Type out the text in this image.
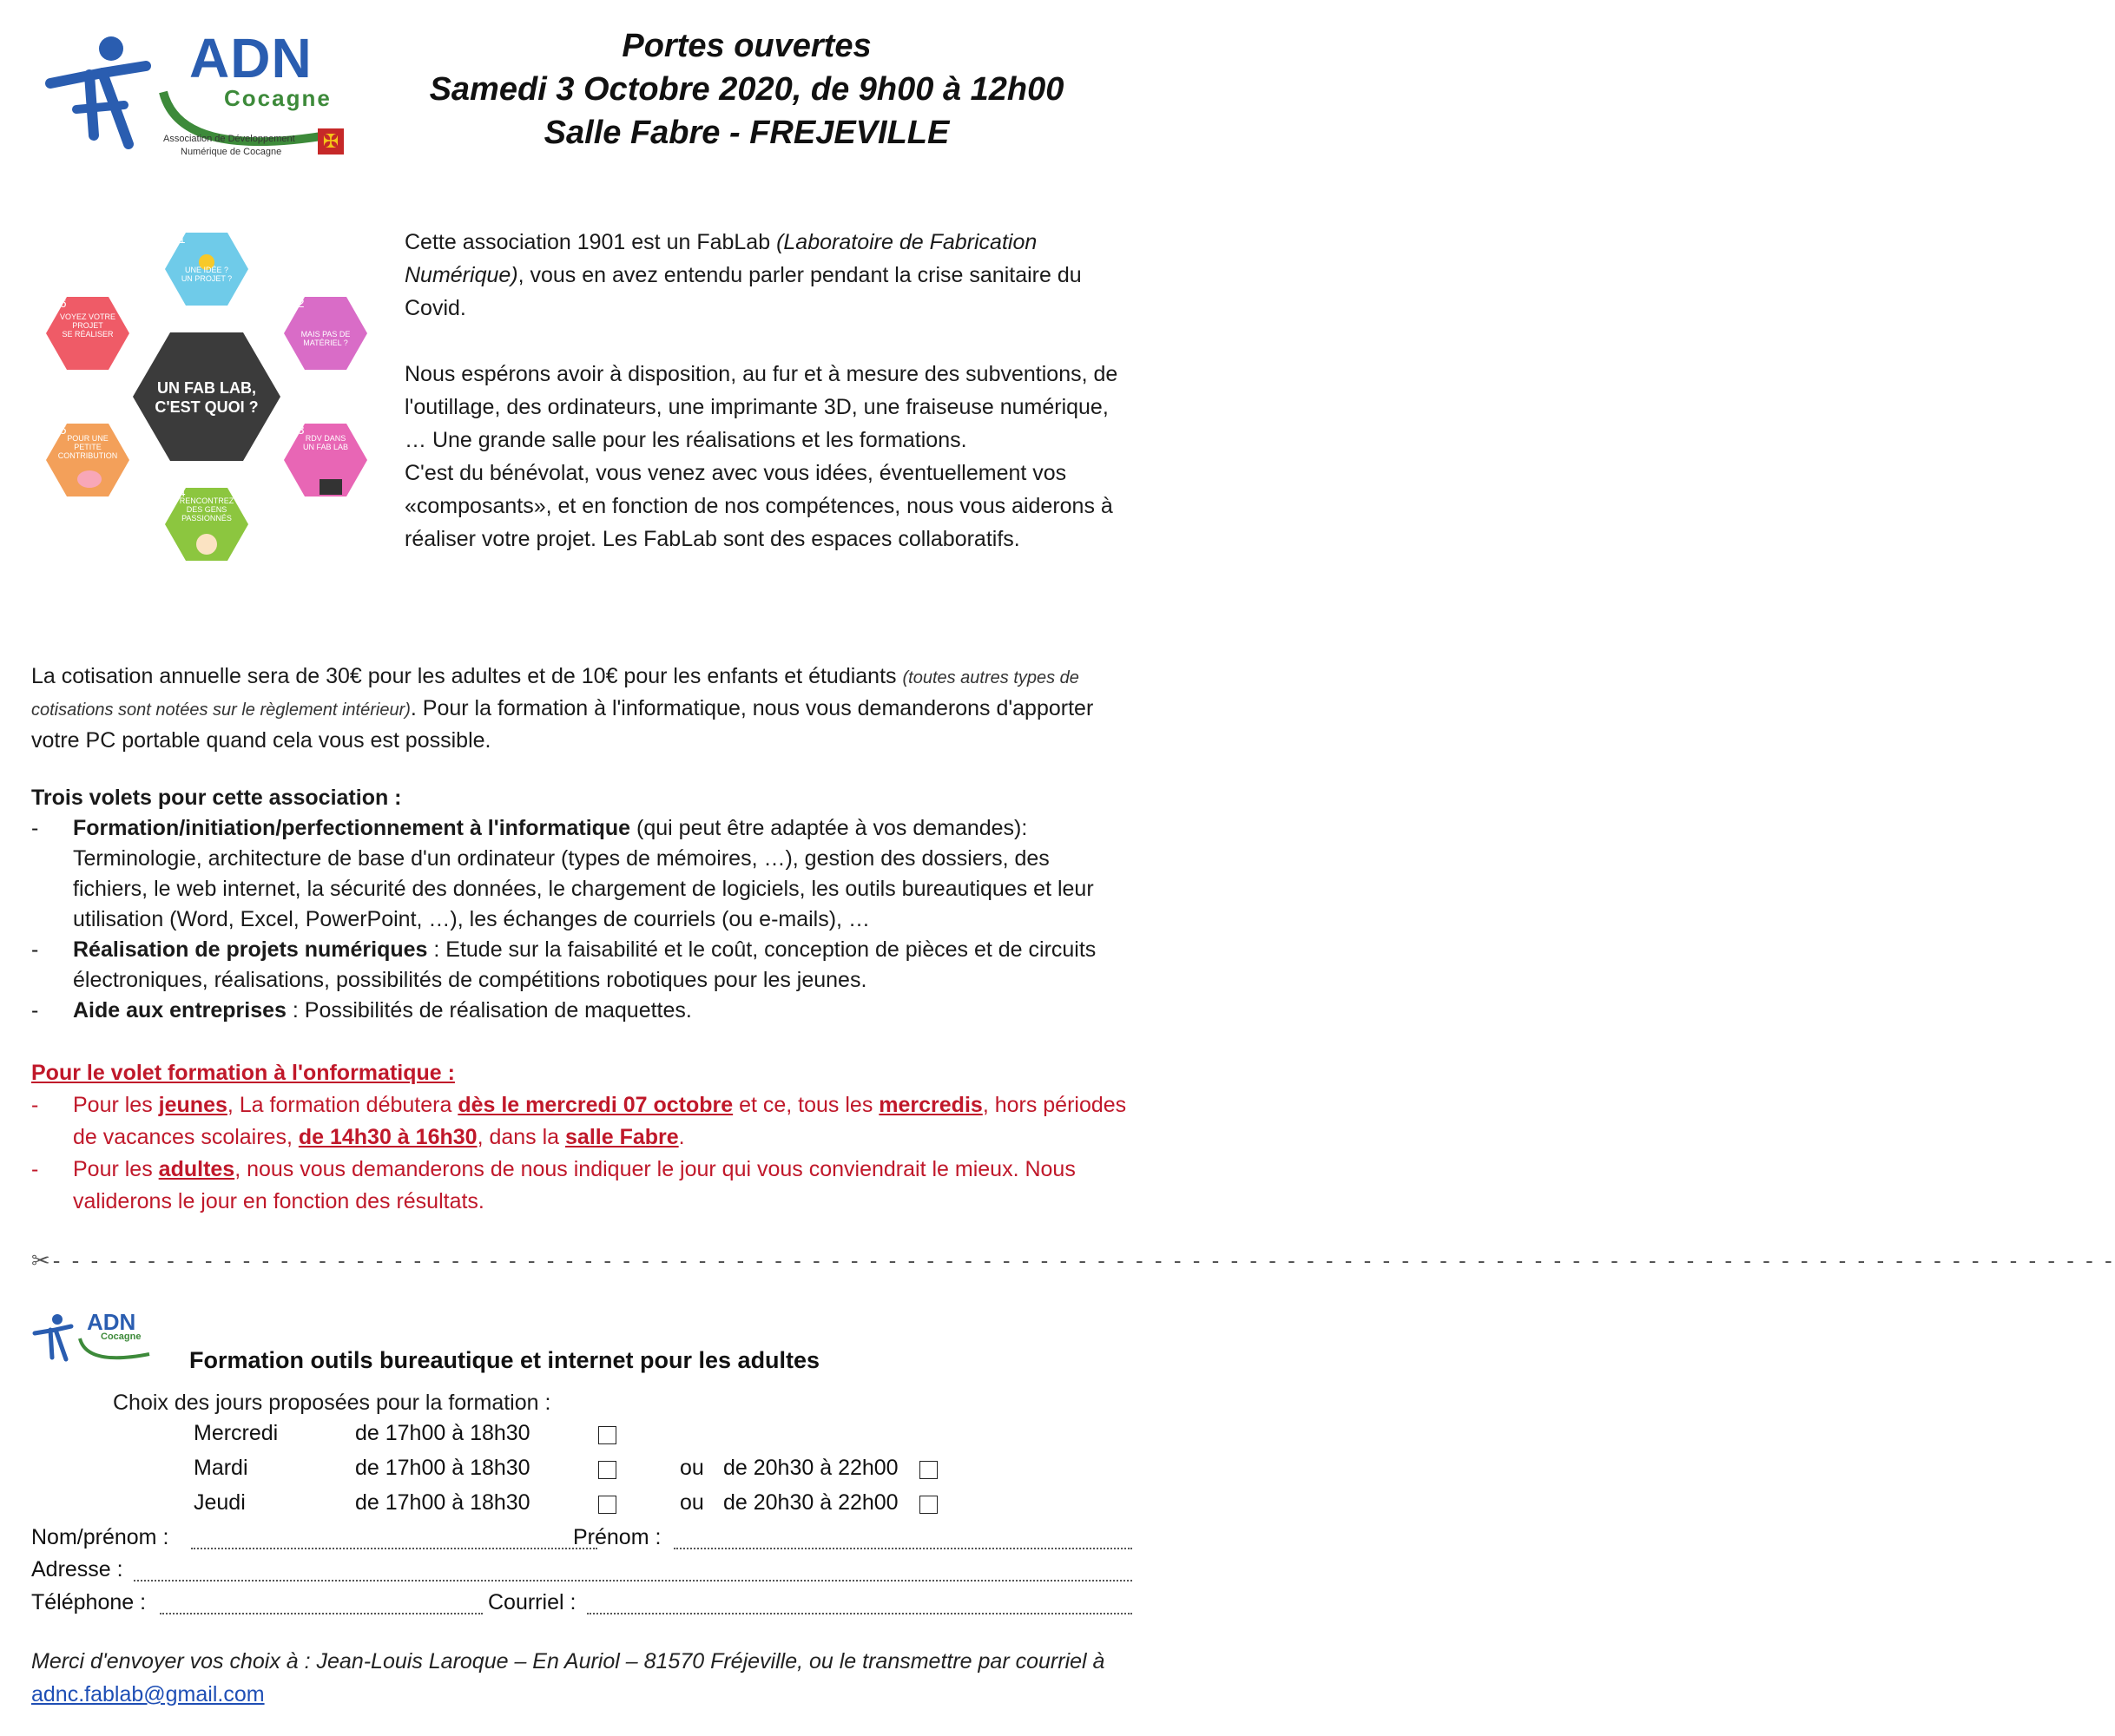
ADN
Cocagne
Association de Développement
Numérique de Cocagne ✠
Portes ouvertes
Samedi 3 Octobre 2020, de 9h00 à 12h00
Salle Fabre - FREJEVILLE
UN FAB LAB,
C'EST QUOI ?
01
UNE IDÉE ?
UN PROJET ?
02
MAIS PAS DE
MATÉRIEL ?
03
RDV DANS
UN FAB LAB
04
RENCONTREZ
DES GENS
PASSIONNÉS
05
POUR UNE
PETITE
CONTRIBUTION
06
VOYEZ VOTRE
PROJET
SE RÉALISER

Cette association 1901 est un FabLab (Laboratoire de Fabrication Numérique), vous en avez entendu parler pendant la crise sanitaire du Covid.

Nous espérons avoir à disposition, au fur et à mesure des subventions, de l'outillage, des ordinateurs, une imprimante 3D, une fraiseuse numérique, … Une grande salle pour les réalisations et les formations.

C'est du bénévolat, vous venez avec vous idées, éventuellement vos «composants», et en fonction de nos compétences, nous vous aiderons à réaliser votre projet. Les FabLab sont des espaces collaboratifs.

La cotisation annuelle sera de 30€ pour les adultes et de 10€ pour les enfants et étudiants (toutes autres types de cotisations sont notées sur le règlement intérieur). Pour la formation à l'informatique, nous vous demanderons d'apporter votre PC portable quand cela vous est possible.
Trois volets pour cette association :
- Formation/initiation/perfectionnement à l'informatique (qui peut être adaptée à vos demandes): Terminologie, architecture de base d'un ordinateur (types de mémoires, …), gestion des dossiers, des fichiers, le web internet, la sécurité des données, le chargement de logiciels, les outils bureautiques et leur utilisation (Word, Excel, PowerPoint, …), les échanges de courriels (ou e-mails), …
- Réalisation de projets numériques : Etude sur la faisabilité et le coût, conception de pièces et de circuits électroniques, réalisations, possibilités de compétitions robotiques pour les jeunes.
- Aide aux entreprises : Possibilités de réalisation de maquettes.
Pour le volet formation à l'onformatique :
- Pour les jeunes, La formation débutera dès le mercredi 07 octobre et ce, tous les mercredis, hors périodes de vacances scolaires, de 14h30 à 16h30, dans la salle Fabre.
- Pour les adultes, nous vous demanderons de nous indiquer le jour qui vous conviendrait le mieux. Nous validerons le jour en fonction des résultats.
✂- - - - - - - - - - - - - - - - - - - - - - - - - - - - - - - - - - - - - - - - - - - - - - - - - - - - - - - - - - - - - - - - - - - - - - - - - - - - - - - - - - - - - - - - - - - - - - - - - - - - - - - - - - - - -
ADN
Cocagne
Formation outils bureautique et internet pour les adultes
Choix des jours proposées pour la formation :
Mercredi	de 17h00 à 18h30
Mardi	de 17h00 à 18h30	ou de 20h30 à 22h00
Jeudi	de 17h00 à 18h30	ou de 20h30 à 22h00
Nom/prénom :	Prénom :
Adresse :
Téléphone :	Courriel :
Merci d'envoyer vos choix à : Jean-Louis Laroque – En Auriol – 81570 Fréjeville, ou le transmettre par courriel à adnc.fablab@gmail.com
